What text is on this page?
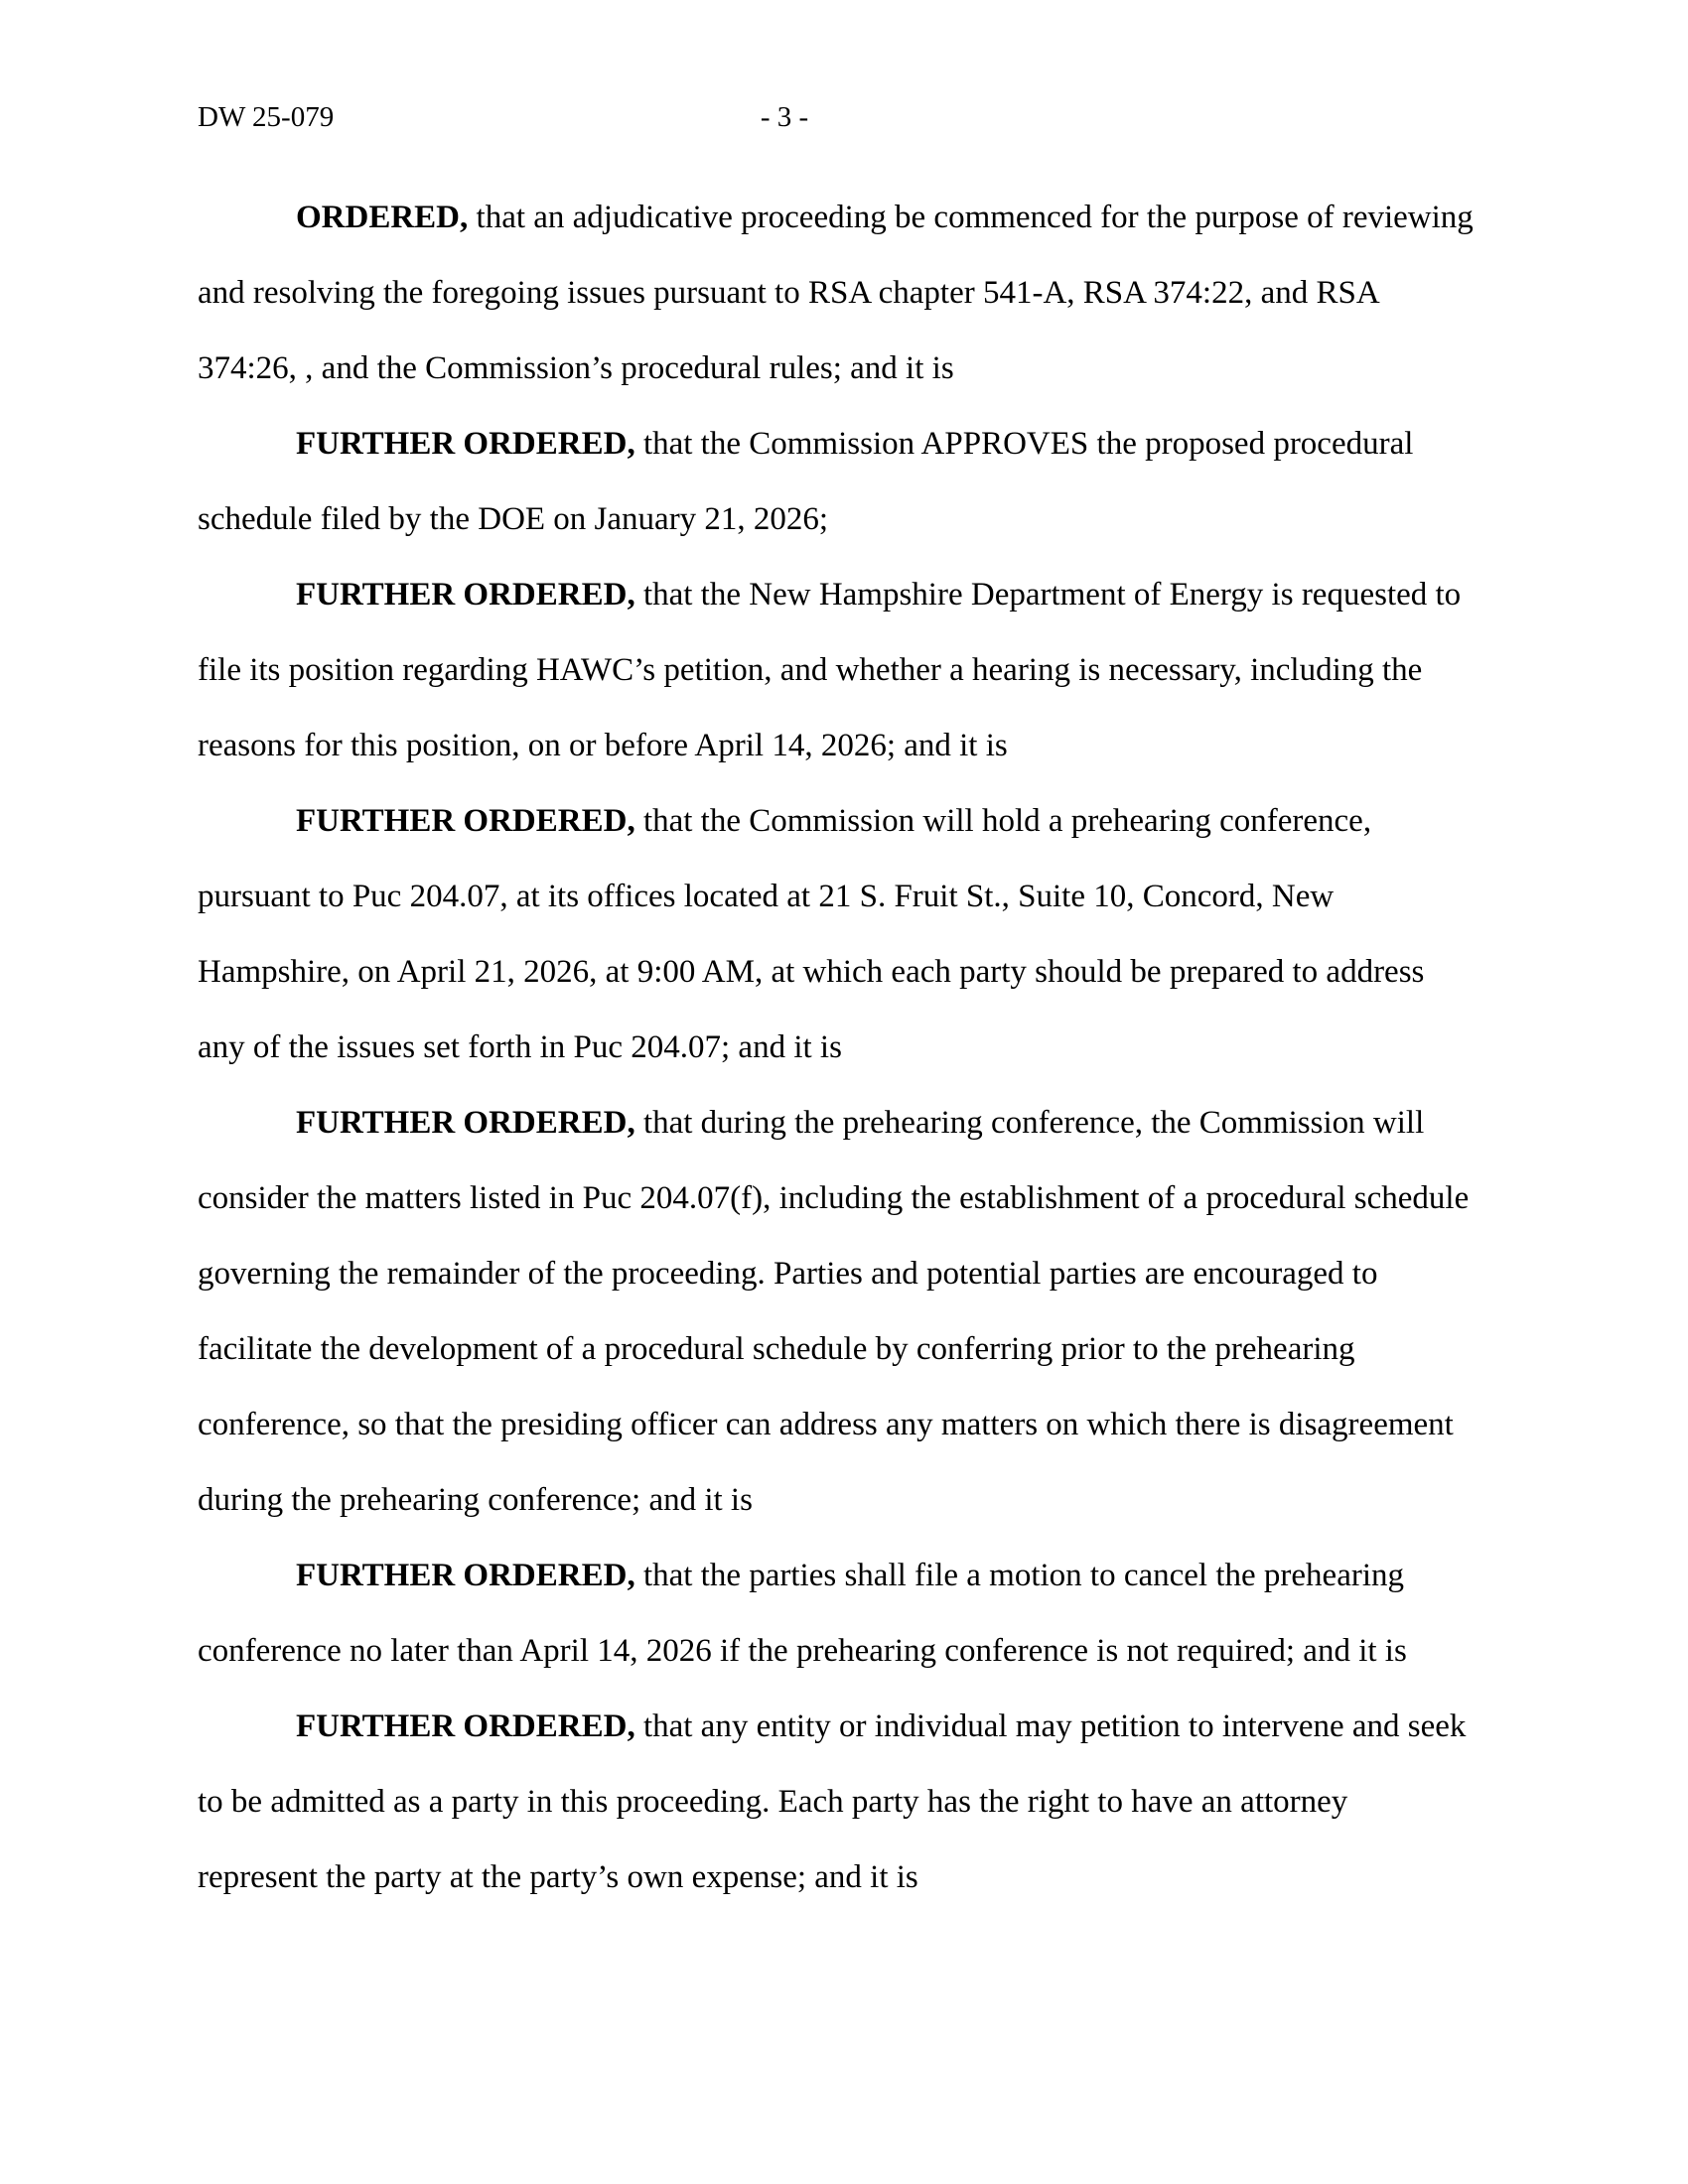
DW 25-079	- 3 -
ORDERED, that an adjudicative proceeding be commenced for the purpose of reviewing
and resolving the foregoing issues pursuant to RSA chapter 541-A, RSA 374:22, and RSA
374:26, , and the Commission’s procedural rules; and it is
FURTHER ORDERED, that the Commission APPROVES the proposed procedural
schedule filed by the DOE on January 21, 2026;
FURTHER ORDERED, that the New Hampshire Department of Energy is requested to
file its position regarding HAWC’s petition, and whether a hearing is necessary, including the
reasons for this position, on or before April 14, 2026; and it is
FURTHER ORDERED, that the Commission will hold a prehearing conference,
pursuant to Puc 204.07, at its offices located at 21 S. Fruit St., Suite 10, Concord, New
Hampshire, on April 21, 2026, at 9:00 AM, at which each party should be prepared to address
any of the issues set forth in Puc 204.07; and it is
FURTHER ORDERED, that during the prehearing conference, the Commission will
consider the matters listed in Puc 204.07(f), including the establishment of a procedural schedule
governing the remainder of the proceeding. Parties and potential parties are encouraged to
facilitate the development of a procedural schedule by conferring prior to the prehearing
conference, so that the presiding officer can address any matters on which there is disagreement
during the prehearing conference; and it is
FURTHER ORDERED, that the parties shall file a motion to cancel the prehearing
conference no later than April 14, 2026 if the prehearing conference is not required; and it is
FURTHER ORDERED, that any entity or individual may petition to intervene and seek
to be admitted as a party in this proceeding. Each party has the right to have an attorney
represent the party at the party’s own expense; and it is
